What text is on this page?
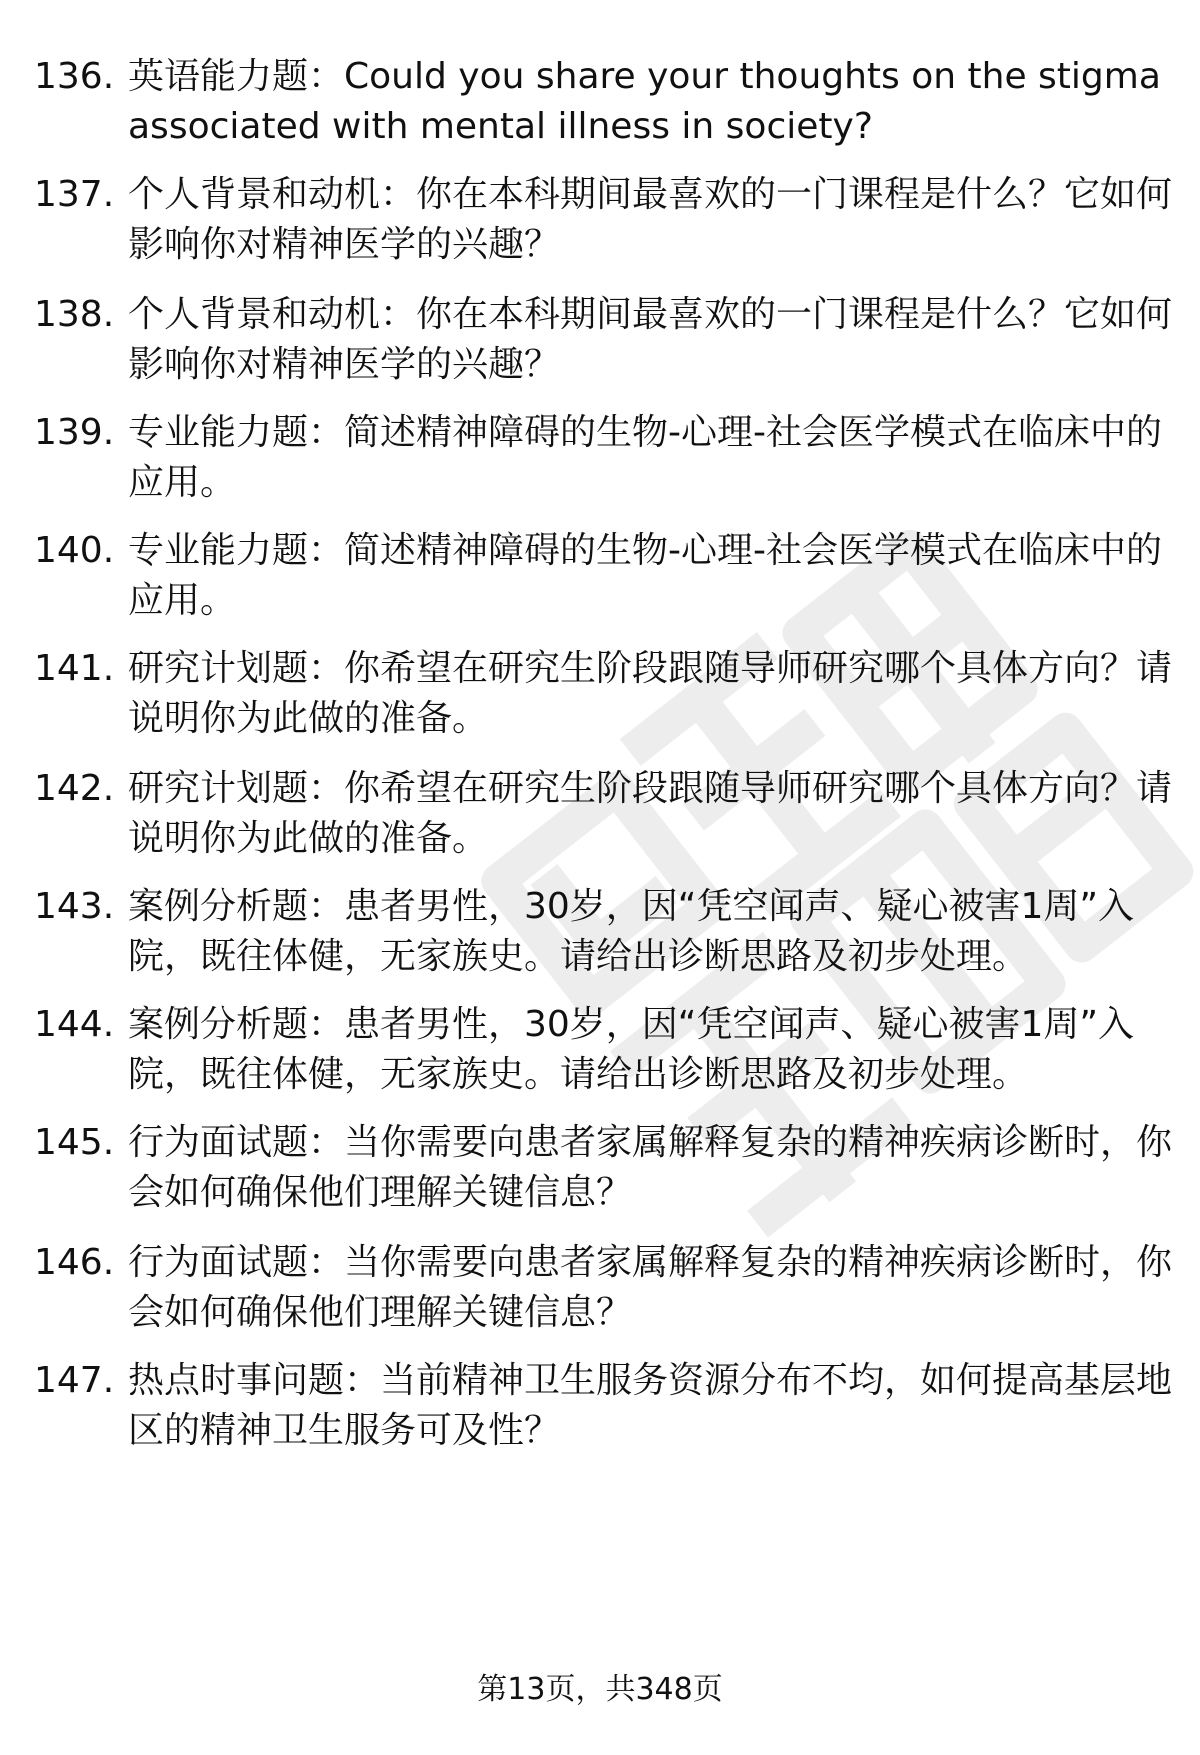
136. 英语能力题：Could you share your thoughts on the stigma associated with mental illness in society?
137. 个人背景和动机：你在本科期间最喜欢的一门课程是什么？它如何影响你对精神医学的兴趣？
138. 个人背景和动机：你在本科期间最喜欢的一门课程是什么？它如何影响你对精神医学的兴趣？
139. 专业能力题：简述精神障碍的生物-心理-社会医学模式在临床中的应用。
140. 专业能力题：简述精神障碍的生物-心理-社会医学模式在临床中的应用。
141. 研究计划题：你希望在研究生阶段跟随导师研究哪个具体方向？请说明你为此做的准备。
142. 研究计划题：你希望在研究生阶段跟随导师研究哪个具体方向？请说明你为此做的准备。
143. 案例分析题：患者男性，30岁，因“凭空闻声、疑心被害1周”入院，既往体健，无家族史。请给出诊断思路及初步处理。
144. 案例分析题：患者男性，30岁，因“凭空闻声、疑心被害1周”入院，既往体健，无家族史。请给出诊断思路及初步处理。
145. 行为面试题：当你需要向患者家属解释复杂的精神疾病诊断时，你会如何确保他们理解关键信息？
146. 行为面试题：当你需要向患者家属解释复杂的精神疾病诊断时，你会如何确保他们理解关键信息？
147. 热点时事问题：当前精神卫生服务资源分布不均，如何提高基层地区的精神卫生服务可及性？
第13页，共348页
